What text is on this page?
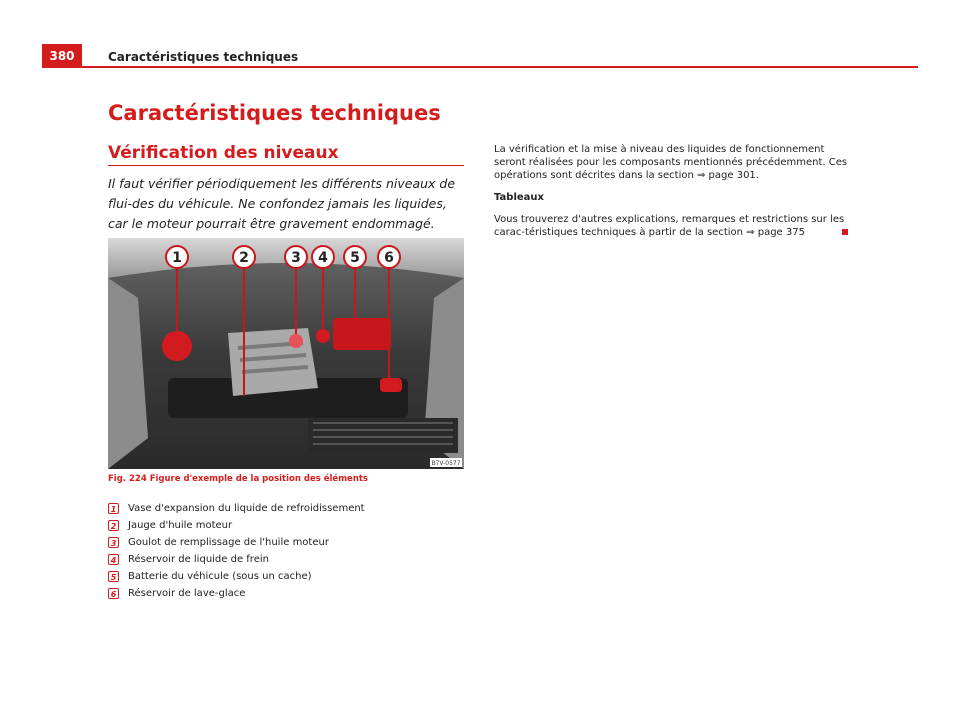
380	Caractéristiques techniques
Caractéristiques techniques
Vérification des niveaux

Il faut vérifier périodiquement les différents niveaux de flui-des du véhicule. Ne confondez jamais les liquides, car le moteur pourrait être gravement endommagé.

1	2	3 4 5 6
B7V-0577
Fig. 224 Figure d'exemple de la position des éléments
1 Vase d'expansion du liquide de refroidissement
2 Jauge d'huile moteur
3 Goulot de remplissage de l'huile moteur
4 Réservoir de liquide de frein
5 Batterie du véhicule (sous un cache)
6 Réservoir de lave-glace

La vérification et la mise à niveau des liquides de fonctionnement seront réalisées pour les composants mentionnés précédemment. Ces opérations sont décrites dans la section ⇒ page 301.

Tableaux

Vous trouverez d'autres explications, remarques et restrictions sur les carac-téristiques techniques à partir de la section ⇒ page 375
